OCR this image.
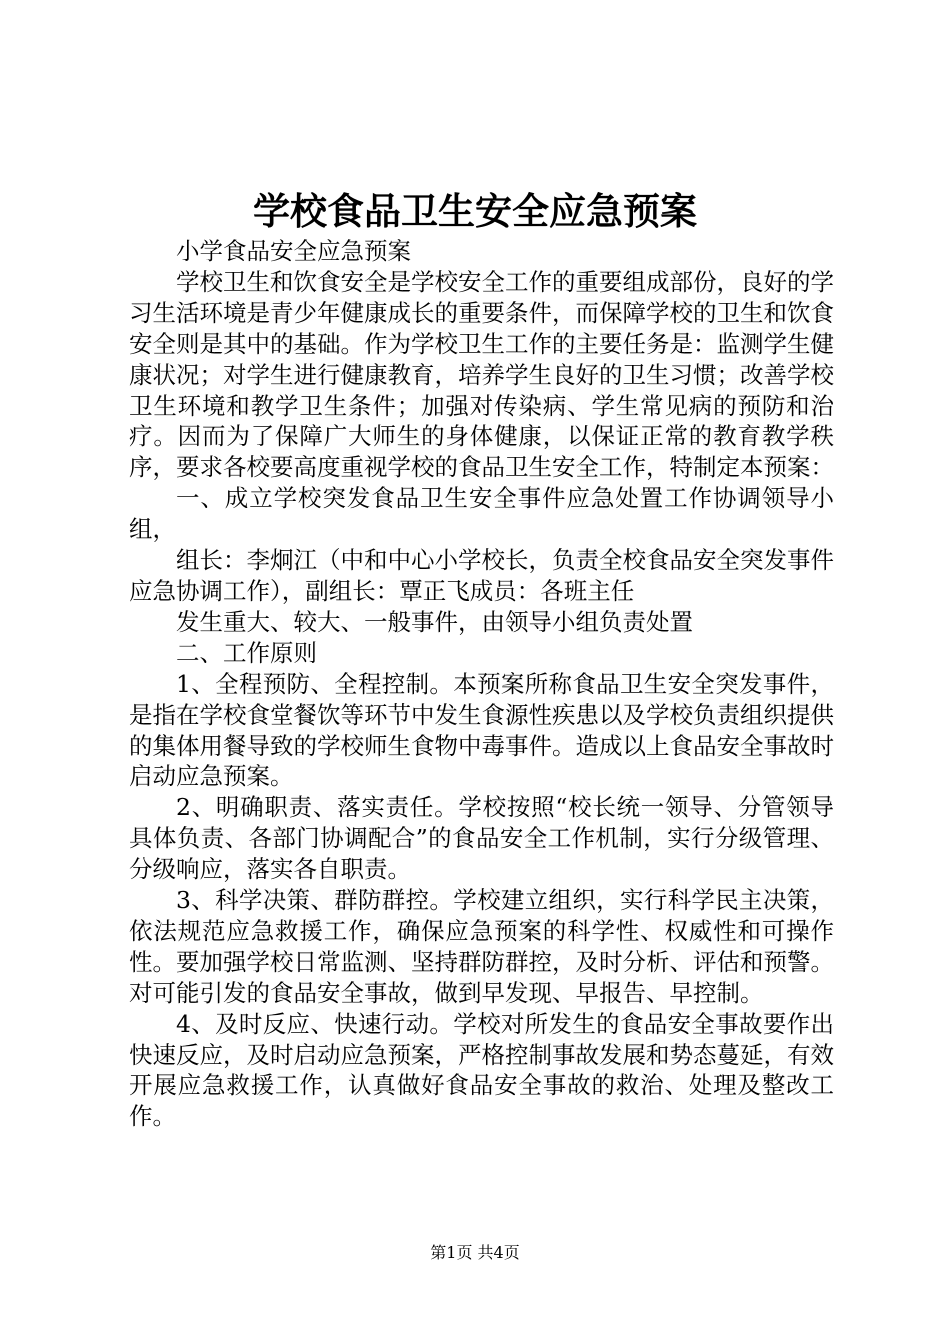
学校食品卫生安全应急预案

小学食品安全应急预案

学校卫生和饮食安全是学校安全工作的重要组成部份，良好的学习生活环境是青少年健康成长的重要条件，而保障学校的卫生和饮食安全则是其中的基础。作为学校卫生工作的主要任务是：监测学生健康状况；对学生进行健康教育，培养学生良好的卫生习惯；改善学校卫生环境和教学卫生条件；加强对传染病、学生常见病的预防和治疗。因而为了保障广大师生的身体健康，以保证正常的教育教学秩序，要求各校要高度重视学校的食品卫生安全工作，特制定本预案：

一、成立学校突发食品卫生安全事件应急处置工作协调领导小组，

组长：李炯江（中和中心小学校长，负责全校食品安全突发事件应急协调工作），副组长：覃正飞成员：各班主任

发生重大、较大、一般事件，由领导小组负责处置

二、工作原则

1、全程预防、全程控制。本预案所称食品卫生安全突发事件，是指在学校食堂餐饮等环节中发生食源性疾患以及学校负责组织提供的集体用餐导致的学校师生食物中毒事件。造成以上食品安全事故时启动应急预案。

2、明确职责、落实责任。学校按照“校长统一领导、分管领导具体负责、各部门协调配合”的食品安全工作机制，实行分级管理、分级响应，落实各自职责。

3、科学决策、群防群控。学校建立组织，实行科学民主决策，依法规范应急救援工作，确保应急预案的科学性、权威性和可操作性。要加强学校日常监测、坚持群防群控，及时分析、评估和预警。对可能引发的食品安全事故，做到早发现、早报告、早控制。

4、及时反应、快速行动。学校对所发生的食品安全事故要作出快速反应，及时启动应急预案，严格控制事故发展和势态蔓延，有效开展应急救援工作，认真做好食品安全事故的救治、处理及整改工作。

第1页 共4页
